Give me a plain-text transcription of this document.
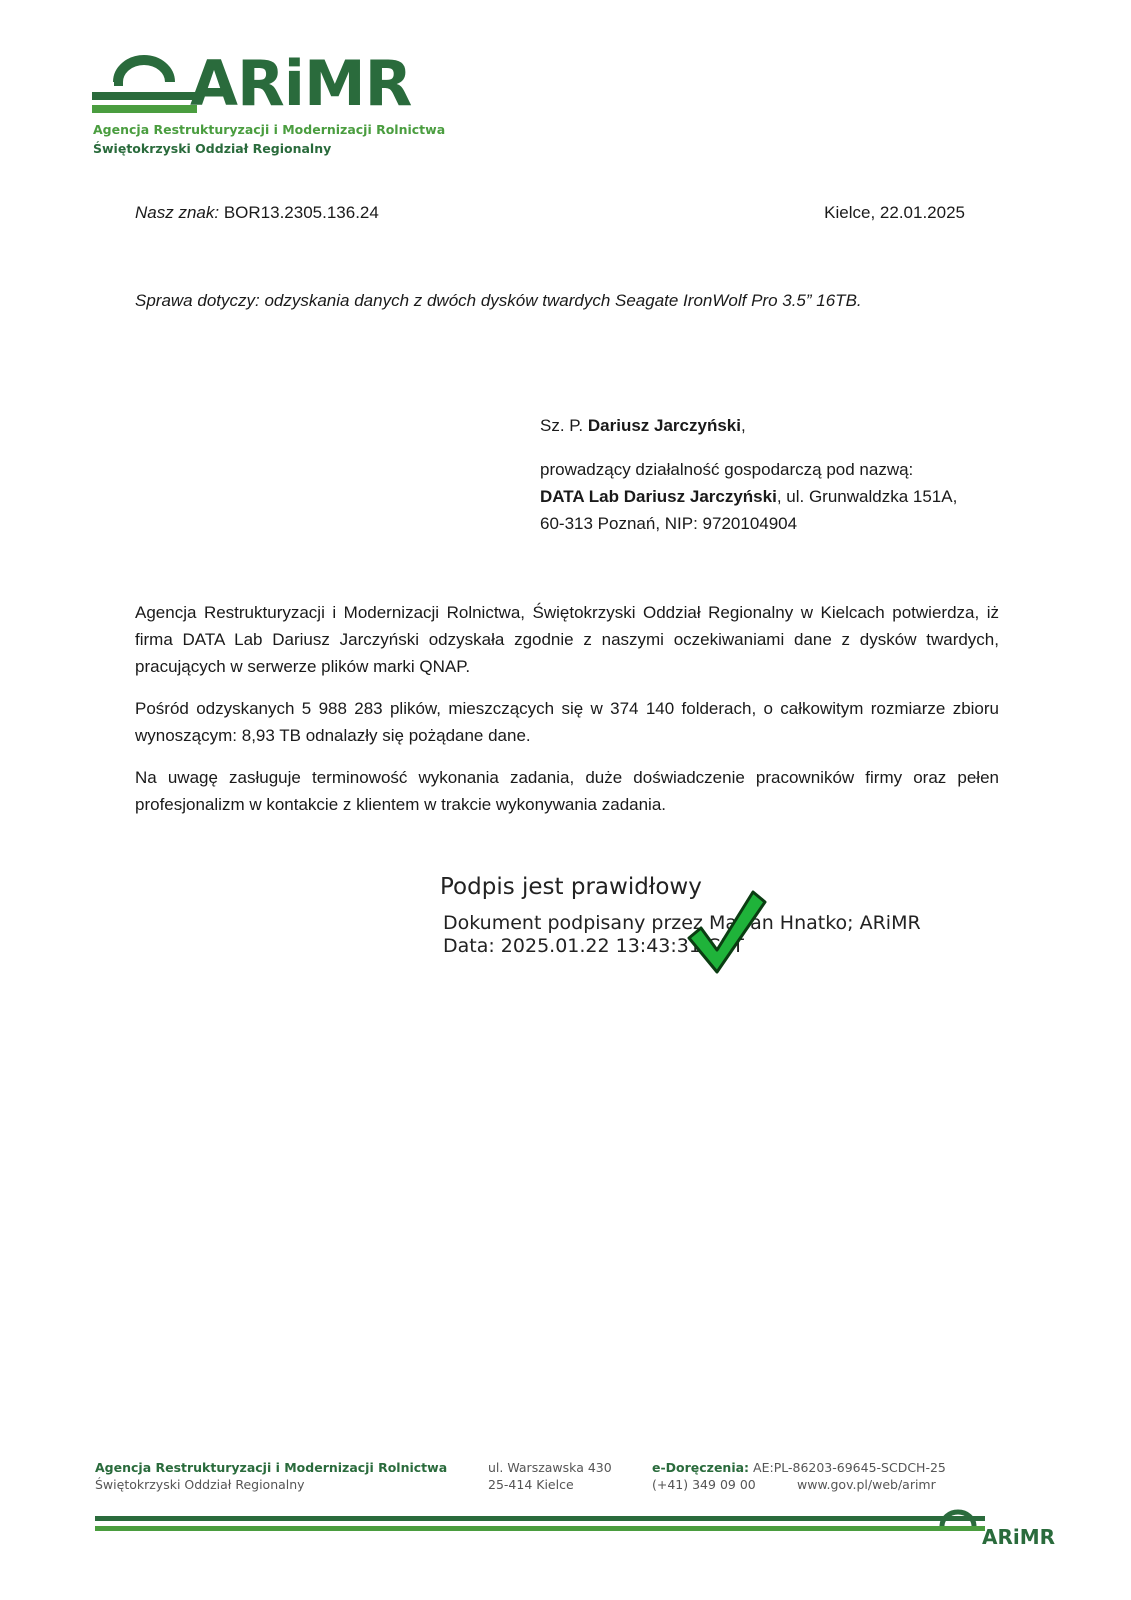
ARiMR
Agencja Restrukturyzacji i Modernizacji Rolnictwa
Świętokrzyski Oddział Regionalny
Nasz znak: BOR13.2305.136.24	Kielce, 22.01.2025
Sprawa dotyczy: odzyskania danych z dwóch dysków twardych Seagate IronWolf Pro 3.5” 16TB.
Sz. P. Dariusz Jarczyński,
prowadzący działalność gospodarczą pod nazwą:
DATA Lab Dariusz Jarczyński, ul. Grunwaldzka 151A,
60-313 Poznań, NIP: 9720104904

Agencja Restrukturyzacji i Modernizacji Rolnictwa, Świętokrzyski Oddział Regionalny w Kielcach potwierdza, iż firma DATA Lab Dariusz Jarczyński odzyskała zgodnie z naszymi oczekiwaniami dane z dysków twardych, pracujących w serwerze plików marki QNAP.

Pośród odzyskanych 5 988 283 plików, mieszczących się w 374 140 folderach, o całkowitym rozmiarze zbioru wynoszącym: 8,93 TB odnalazły się pożądane dane.

Na uwagę zasługuje terminowość wykonania zadania, duże doświadczenie pracowników firmy oraz pełen profesjonalizm w kontakcie z klientem w trakcie wykonywania zadania.

Podpis jest prawidłowy
Dokument podpisany przez Marian Hnatko; ARiMR
Data: 2025.01.22 13:43:31 CET
Agencja Restrukturyzacji i Modernizacji Rolnictwa
Świętokrzyski Oddział Regionalny
ul. Warszawska 430
25-414 Kielce
e-Doręczenia: AE:PL-86203-69645-SCDCH-25
(+41) 349 09 00	www.gov.pl/web/arimr
ARiMR
